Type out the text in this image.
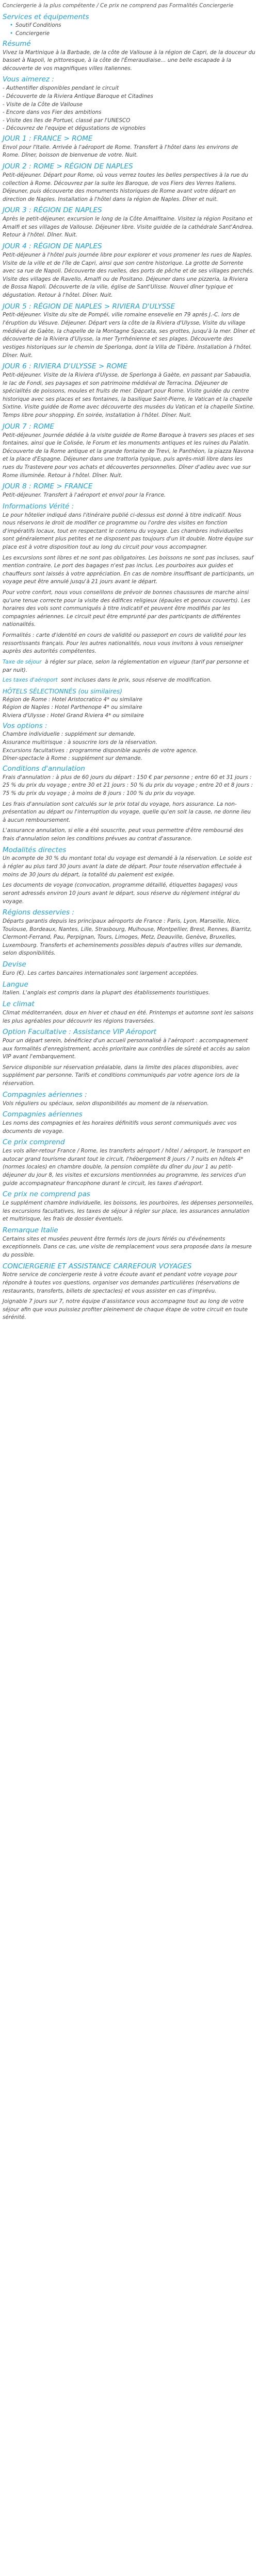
Conciergerie à la plus compétente / Ce prix ne comprend pas Formalités Conciergerie

Services et équipements
• Soutif Conditions
• Conciergerie
Résumé

Vivez la Martinique à la Barbade, de la côte de Vallouse à la région de Capri, de la douceur du basset à Napoli, le pittoresque, à la côte de l'Émeraudiaise... une belle escapade à la découverte de vos magnifiques villes italiennes.

Vous aimerez :
- Authentifier disponibles pendant le circuit
- Découverte de la Riviera Antique Baroque et Citadines
- Visite de la Côte de Vallouse
- Encore dans vos Fier des ambitions
- Visite des Iles de Portuel, classé par l'UNESCO
- Découvrez de l'equipe et dégustations de vignobles
JOUR 1 : FRANCE > ROME

Envol pour l'Italie. Arrivée à l'aéroport de Rome. Transfert à l'hôtel dans les environs de Rome. Dîner, boisson de bienvenue de votre. Nuit.

JOUR 2 : ROME > RÉGION DE NAPLES

Petit-déjeuner. Départ pour Rome, où vous verrez toutes les belles perspectives à la rue du collection à Rome. Découvrez par la suite les Baroque, de vos Fiers des Verres Italiens. Déjeuner, puis découverte des monuments historiques de Rome avant votre départ en direction de Naples. Installation à l'hôtel dans la région de Naples. Dîner et nuit.

JOUR 3 : RÉGION DE NAPLES

Après le petit-déjeuner, excursion le long de la Côte Amalfitaine. Visitez la région Positano et Amalfi et ses villages de Vallouse. Déjeuner libre. Visite guidée de la cathédrale Sant'Andrea. Retour à l'hôtel. Dîner. Nuit.

JOUR 4 : RÉGION DE NAPLES

Petit-déjeuner à l'hôtel puis journée libre pour explorer et vous promener les rues de Naples. Visite de la ville et de l'île de Capri, ainsi que son centre historique. La grotte de Sorrente avec sa rue de Napoli. Découverte des ruelles, des ports de pêche et de ses villages perchés. Visite des villages de Ravello, Amalfi ou de Positano. Déjeuner dans une pizzeria, la Riviera de Bossa Napoli. Découverte de la ville, église de Sant'Ulisse. Nouvel dîner typique et dégustation. Retour à l'hôtel. Dîner. Nuit.

JOUR 5 : RÉGION DE NAPLES > RIVIERA D'ULYSSE

Petit-déjeuner. Visite du site de Pompéi, ville romaine ensevelie en 79 après J.-C. lors de l'éruption du Vésuve. Déjeuner. Départ vers la côte de la Riviera d'Ulysse, Visite du village médiéval de Gaète, la chapelle de la Montagne Spaccata, ses grottes, jusqu'à la mer. Dîner et découverte de la Riviera d'Ulysse, la mer Tyrrhénienne et ses plages. Découverte des vestiges historiques sur le chemin de Sperlonga, dont la Villa de Tibère. Installation à l'hôtel. Dîner. Nuit.

JOUR 6 : RIVIERA D'ULYSSE > ROME

Petit-déjeuner. Visite de la Riviera d'Ulysse, de Sperlonga à Gaète, en passant par Sabaudia, le lac de Fondi, ses paysages et son patrimoine médiéval de Terracina. Déjeuner de spécialités de poissons, moules et fruits de mer. Départ pour Rome. Visite guidée du centre historique avec ses places et ses fontaines, la basilique Saint-Pierre, le Vatican et la chapelle Sixtine. Visite guidée de Rome avec découverte des musées du Vatican et la chapelle Sixtine. Temps libre pour shopping. En soirée, installation à l'hôtel. Dîner. Nuit.

JOUR 7 : ROME

Petit-déjeuner. Journée dédiée à la visite guidée de Rome Baroque à travers ses places et ses fontaines, ainsi que le Colisée, le Forum et les monuments antiques et les ruines du Palatin. Découverte de la Rome antique et la grande fontaine de Trevi, le Panthéon, la piazza Navona et la place d'Espagne. Déjeuner dans une trattoria typique, puis après-midi libre dans les rues du Trastevere pour vos achats et découvertes personnelles. Dîner d'adieu avec vue sur Rome illuminée. Retour à l'hôtel. Dîner. Nuit.

JOUR 8 : ROME > FRANCE

Petit-déjeuner. Transfert à l'aéroport et envol pour la France.

Informations Vérité :

Le pour hôtelier indiqué dans l'itinéraire publié ci-dessus est donné à titre indicatif. Nous nous réservons le droit de modifier ce programme ou l'ordre des visites en fonction d'impératifs locaux, tout en respectant le contenu du voyage. Les chambres individuelles sont généralement plus petites et ne disposent pas toujours d'un lit double. Notre équipe sur place est à votre disposition tout au long du circuit pour vous accompagner.

Les excursions sont libres et ne sont pas obligatoires. Les boissons ne sont pas incluses, sauf mention contraire. Le port des bagages n'est pas inclus. Les pourboires aux guides et chauffeurs sont laissés à votre appréciation. En cas de nombre insuffisant de participants, un voyage peut être annulé jusqu'à 21 jours avant le départ.

Pour votre confort, nous vous conseillons de prévoir de bonnes chaussures de marche ainsi qu'une tenue correcte pour la visite des édifices religieux (épaules et genoux couverts). Les horaires des vols sont communiqués à titre indicatif et peuvent être modifiés par les compagnies aériennes. Le circuit peut être emprunté par des participants de différentes nationalités.

Formalités : carte d'identité en cours de validité ou passeport en cours de validité pour les ressortissants français. Pour les autres nationalités, nous vous invitons à vous renseigner auprès des autorités compétentes.

Taxe de séjour à régler sur place, selon la réglementation en vigueur (tarif par personne et par nuit).
Les taxes d'aéroport sont incluses dans le prix, sous réserve de modification.
HÔTELS SÉLECTIONNÉS (ou similaires)
Région de Rome : Hotel Aristocratico 4* ou similaire
Région de Naples : Hotel Parthenope 4* ou similaire
Riviera d'Ulysse : Hotel Grand Riviera 4* ou similaire
Vos options :
Chambre individuelle : supplément sur demande.
Assurance multirisque : à souscrire lors de la réservation.
Excursions facultatives : programme disponible auprès de votre agence.
Dîner-spectacle à Rome : supplément sur demande.
Conditions d'annulation

Frais d'annulation : à plus de 60 jours du départ : 150 € par personne ; entre 60 et 31 jours : 25 % du prix du voyage ; entre 30 et 21 jours : 50 % du prix du voyage ; entre 20 et 8 jours : 75 % du prix du voyage ; à moins de 8 jours : 100 % du prix du voyage.

Les frais d'annulation sont calculés sur le prix total du voyage, hors assurance. La non-présentation au départ ou l'interruption du voyage, quelle qu'en soit la cause, ne donne lieu à aucun remboursement.

L'assurance annulation, si elle a été souscrite, peut vous permettre d'être remboursé des frais d'annulation selon les conditions prévues au contrat d'assurance.

Modalités directes

Un acompte de 30 % du montant total du voyage est demandé à la réservation. Le solde est à régler au plus tard 30 jours avant la date de départ. Pour toute réservation effectuée à moins de 30 jours du départ, la totalité du paiement est exigée.

Les documents de voyage (convocation, programme détaillé, étiquettes bagages) vous seront adressés environ 10 jours avant le départ, sous réserve du règlement intégral du voyage.

Régions desservies :

Départs garantis depuis les principaux aéroports de France : Paris, Lyon, Marseille, Nice, Toulouse, Bordeaux, Nantes, Lille, Strasbourg, Mulhouse, Montpellier, Brest, Rennes, Biarritz, Clermont-Ferrand, Pau, Perpignan, Tours, Limoges, Metz, Deauville, Genève, Bruxelles, Luxembourg. Transferts et acheminements possibles depuis d'autres villes sur demande, selon disponibilités.

Devise

Euro (€). Les cartes bancaires internationales sont largement acceptées.

Langue

Italien. L'anglais est compris dans la plupart des établissements touristiques.

Le climat

Climat méditerranéen, doux en hiver et chaud en été. Printemps et automne sont les saisons les plus agréables pour découvrir les régions traversées.

Option Facultative : Assistance VIP Aéroport

Pour un départ serein, bénéficiez d'un accueil personnalisé à l'aéroport : accompagnement aux formalités d'enregistrement, accès prioritaire aux contrôles de sûreté et accès au salon VIP avant l'embarquement.

Service disponible sur réservation préalable, dans la limite des places disponibles, avec supplément par personne. Tarifs et conditions communiqués par votre agence lors de la réservation.

Compagnies aériennes :

Vols réguliers ou spéciaux, selon disponibilités au moment de la réservation.

Compagnies aériennes

Les noms des compagnies et les horaires définitifs vous seront communiqués avec vos documents de voyage.

Ce prix comprend

Les vols aller-retour France / Rome, les transferts aéroport / hôtel / aéroport, le transport en autocar grand tourisme durant tout le circuit, l'hébergement 8 jours / 7 nuits en hôtels 4* (normes locales) en chambre double, la pension complète du dîner du jour 1 au petit-déjeuner du jour 8, les visites et excursions mentionnées au programme, les services d'un guide accompagnateur francophone durant le circuit, les taxes d'aéroport.

Ce prix ne comprend pas

Le supplément chambre individuelle, les boissons, les pourboires, les dépenses personnelles, les excursions facultatives, les taxes de séjour à régler sur place, les assurances annulation et multirisque, les frais de dossier éventuels.

Remarque Italie

Certains sites et musées peuvent être fermés lors de jours fériés ou d'événements exceptionnels. Dans ce cas, une visite de remplacement vous sera proposée dans la mesure du possible.

CONCIERGERIE ET ASSISTANCE CARREFOUR VOYAGES

Notre service de conciergerie reste à votre écoute avant et pendant votre voyage pour répondre à toutes vos questions, organiser vos demandes particulières (réservations de restaurants, transferts, billets de spectacles) et vous assister en cas d'imprévu.

Joignable 7 jours sur 7, notre équipe d'assistance vous accompagne tout au long de votre séjour afin que vous puissiez profiter pleinement de chaque étape de votre circuit en toute sérénité.
